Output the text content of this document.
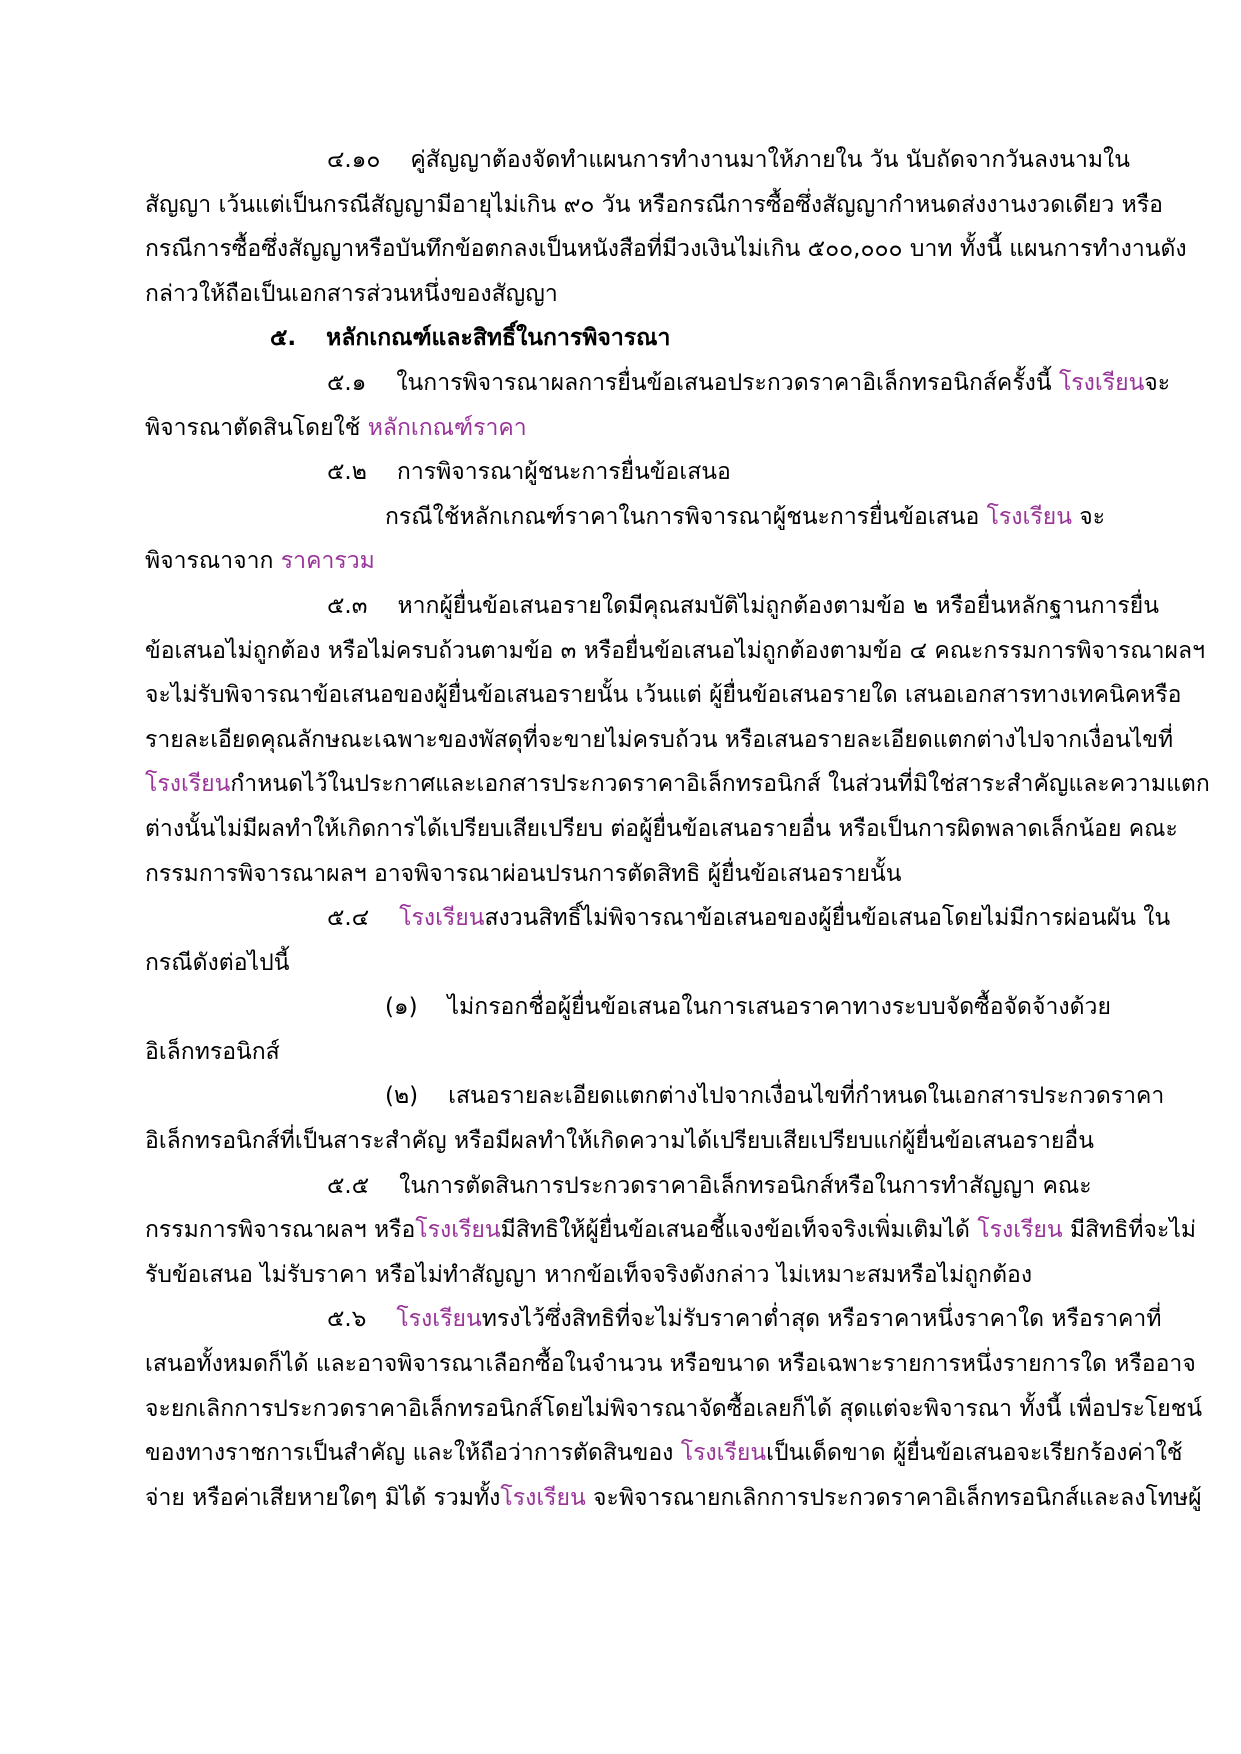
๔.๑๐ คู่สัญญาต้องจัดทำแผนการทำงานมาให้ภายใน วัน นับถัดจากวันลงนามใน
สัญญา เว้นแต่เป็นกรณีสัญญามีอายุไม่เกิน ๙๐ วัน หรือกรณีการซื้อซึ่งสัญญากำหนดส่งงานงวดเดียว หรือ
กรณีการซื้อซึ่งสัญญาหรือบันทึกข้อตกลงเป็นหนังสือที่มีวงเงินไม่เกิน ๕๐๐,๐๐๐ บาท ทั้งนี้ แผนการทำงานดัง
กล่าวให้ถือเป็นเอกสารส่วนหนึ่งของสัญญา
๕. หลักเกณฑ์และสิทธิ์ในการพิจารณา
๕.๑ ในการพิจารณาผลการยื่นข้อเสนอประกวดราคาอิเล็กทรอนิกส์ครั้งนี้ โรงเรียนจะ
พิจารณาตัดสินโดยใช้ หลักเกณฑ์ราคา
๕.๒ การพิจารณาผู้ชนะการยื่นข้อเสนอ
กรณีใช้หลักเกณฑ์ราคาในการพิจารณาผู้ชนะการยื่นข้อเสนอ โรงเรียน จะ
พิจารณาจาก ราคารวม
๕.๓ หากผู้ยื่นข้อเสนอรายใดมีคุณสมบัติไม่ถูกต้องตามข้อ ๒ หรือยื่นหลักฐานการยื่น
ข้อเสนอไม่ถูกต้อง หรือไม่ครบถ้วนตามข้อ ๓ หรือยื่นข้อเสนอไม่ถูกต้องตามข้อ ๔ คณะกรรมการพิจารณาผลฯ
จะไม่รับพิจารณาข้อเสนอของผู้ยื่นข้อเสนอรายนั้น เว้นแต่ ผู้ยื่นข้อเสนอรายใด เสนอเอกสารทางเทคนิคหรือ
รายละเอียดคุณลักษณะเฉพาะของพัสดุที่จะขายไม่ครบถ้วน หรือเสนอรายละเอียดแตกต่างไปจากเงื่อนไขที่
โรงเรียนกำหนดไว้ในประกาศและเอกสารประกวดราคาอิเล็กทรอนิกส์ ในส่วนที่มิใช่สาระสำคัญและความแตก
ต่างนั้นไม่มีผลทำให้เกิดการได้เปรียบเสียเปรียบ ต่อผู้ยื่นข้อเสนอรายอื่น หรือเป็นการผิดพลาดเล็กน้อย คณะ
กรรมการพิจารณาผลฯ อาจพิจารณาผ่อนปรนการตัดสิทธิ ผู้ยื่นข้อเสนอรายนั้น
๕.๔ โรงเรียนสงวนสิทธิ์ไม่พิจารณาข้อเสนอของผู้ยื่นข้อเสนอโดยไม่มีการผ่อนผัน ใน
กรณีดังต่อไปนี้
(๑) ไม่กรอกชื่อผู้ยื่นข้อเสนอในการเสนอราคาทางระบบจัดซื้อจัดจ้างด้วย
อิเล็กทรอนิกส์
(๒) เสนอรายละเอียดแตกต่างไปจากเงื่อนไขที่กำหนดในเอกสารประกวดราคา
อิเล็กทรอนิกส์ที่เป็นสาระสำคัญ หรือมีผลทำให้เกิดความได้เปรียบเสียเปรียบแก่ผู้ยื่นข้อเสนอรายอื่น
๕.๕ ในการตัดสินการประกวดราคาอิเล็กทรอนิกส์หรือในการทำสัญญา คณะ
กรรมการพิจารณาผลฯ หรือโรงเรียนมีสิทธิให้ผู้ยื่นข้อเสนอชี้แจงข้อเท็จจริงเพิ่มเติมได้ โรงเรียน มีสิทธิที่จะไม่
รับข้อเสนอ ไม่รับราคา หรือไม่ทำสัญญา หากข้อเท็จจริงดังกล่าว ไม่เหมาะสมหรือไม่ถูกต้อง
๕.๖ โรงเรียนทรงไว้ซึ่งสิทธิที่จะไม่รับราคาต่ำสุด หรือราคาหนึ่งราคาใด หรือราคาที่
เสนอทั้งหมดก็ได้ และอาจพิจารณาเลือกซื้อในจำนวน หรือขนาด หรือเฉพาะรายการหนึ่งรายการใด หรืออาจ
จะยกเลิกการประกวดราคาอิเล็กทรอนิกส์โดยไม่พิจารณาจัดซื้อเลยก็ได้ สุดแต่จะพิจารณา ทั้งนี้ เพื่อประโยชน์
ของทางราชการเป็นสำคัญ และให้ถือว่าการตัดสินของ โรงเรียนเป็นเด็ดขาด ผู้ยื่นข้อเสนอจะเรียกร้องค่าใช้
จ่าย หรือค่าเสียหายใดๆ มิได้ รวมทั้งโรงเรียน จะพิจารณายกเลิกการประกวดราคาอิเล็กทรอนิกส์และลงโทษผู้
